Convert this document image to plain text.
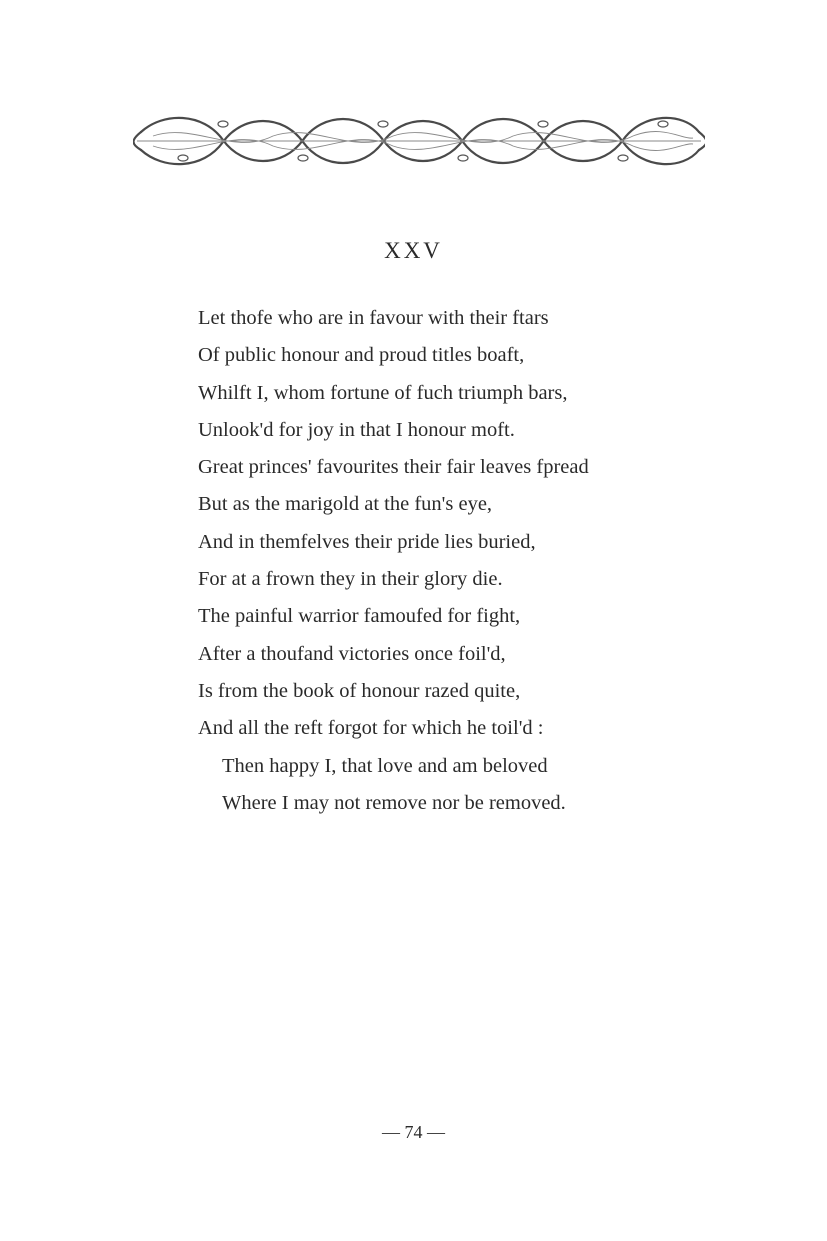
XXV
Let thofe who are in favour with their ftars
Of public honour and proud titles boaft,
Whilft I, whom fortune of fuch triumph bars,
Unlook'd for joy in that I honour moft.
Great princes' favourites their fair leaves fpread
But as the marigold at the fun's eye,
And in themfelves their pride lies buried,
For at a frown they in their glory die.
The painful warrior famoufed for fight,
After a thoufand victories once foil'd,
Is from the book of honour razed quite,
And all the reft forgot for which he toil'd :
Then happy I, that love and am beloved
Where I may not remove nor be removed.
— 74 —
